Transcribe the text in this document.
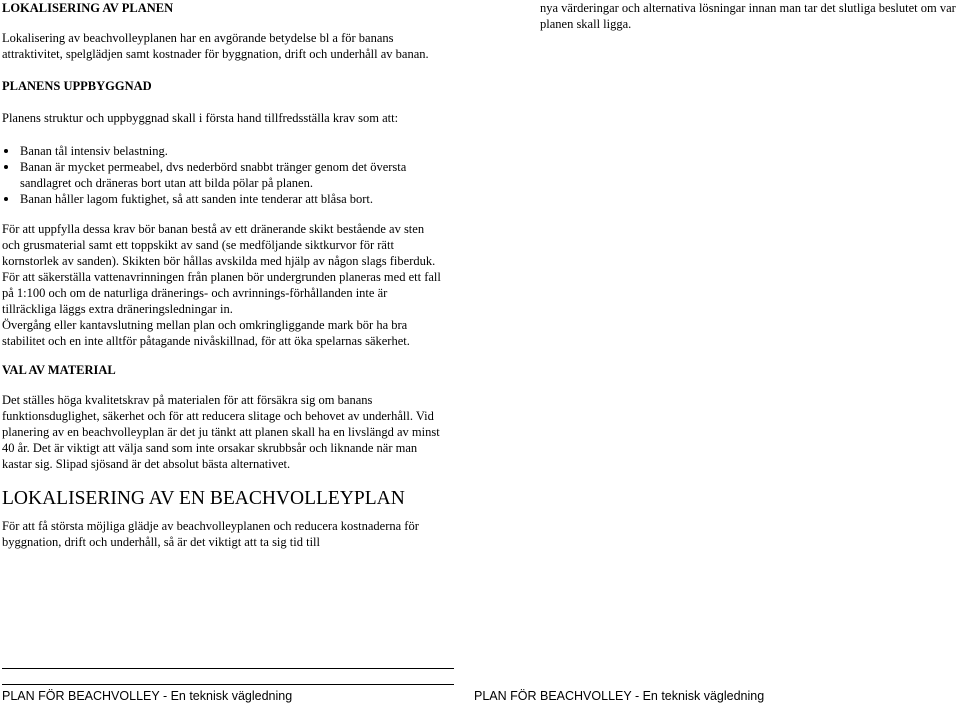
LOKALISERING AV PLANEN

Lokalisering av beachvolleyplanen har en avgörande betydelse bl a för banans attraktivitet, spelglädjen samt kostnader för byggnation, drift och underhåll av banan.

PLANENS UPPBYGGNAD

Planens struktur och uppbyggnad skall i första hand tillfredsställa krav som att:

Banan tål intensiv belastning.
Banan är mycket permeabel, dvs nederbörd snabbt tränger genom det översta sandlagret och dräneras bort utan att bilda pölar på planen.
Banan håller lagom fuktighet, så att sanden inte tenderar att blåsa bort.

För att uppfylla dessa krav bör banan bestå av ett dränerande skikt bestående av sten och grusmaterial samt ett toppskikt av sand (se medföljande siktkurvor för rätt kornstorlek av sanden). Skikten bör hållas avskilda med hjälp av någon slags fiberduk. För att säkerställa vattenavrinningen från planen bör undergrunden planeras med ett fall på 1:100 och om de naturliga dränerings- och avrinnings-förhållanden inte är tillräckliga läggs extra dräneringsledningar in.

Övergång eller kantavslutning mellan plan och omkringliggande mark bör ha bra stabilitet och en inte alltför påtagande nivåskillnad, för att öka spelarnas säkerhet.

VAL AV MATERIAL

Det ställes höga kvalitetskrav på materialen för att försäkra sig om banans funktionsduglighet, säkerhet och för att reducera slitage och behovet av underhåll. Vid planering av en beachvolleyplan är det ju tänkt att planen skall ha en livslängd av minst 40 år. Det är viktigt att välja sand som inte orsakar skrubbsår och liknande när man kastar sig. Slipad sjösand är det absolut bästa alternativet.

LOKALISERING AV EN BEACHVOLLEYPLAN

För att få största möjliga glädje av beachvolleyplanen och reducera kostnaderna för byggnation, drift och underhåll, så är det viktigt att ta sig tid till

nya värderingar och alternativa lösningar innan man tar det slutliga beslutet om var planen skall ligga.

PLAN FÖR BEACHVOLLEY - En teknisk vägledning	PLAN FÖR BEACHVOLLEY - En teknisk vägledning
